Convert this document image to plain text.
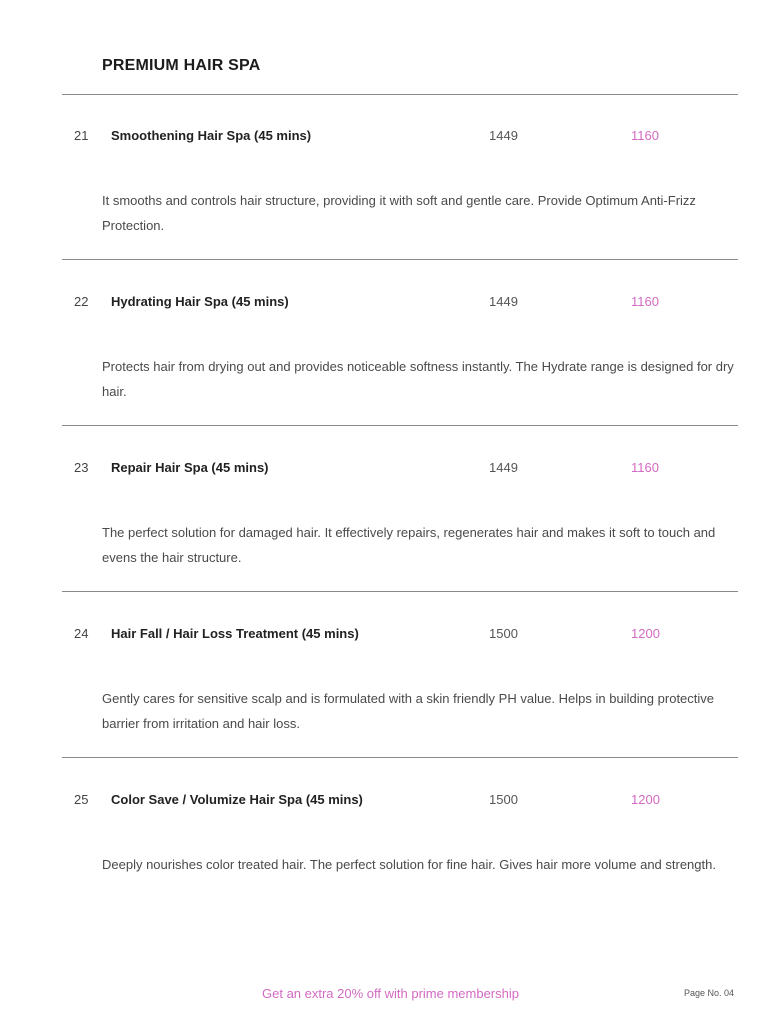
PREMIUM HAIR SPA
21 Smoothening Hair Spa (45 mins)	1449	1160
It smooths and controls hair structure, providing it with soft and gentle care. Provide Optimum Anti-Frizz Protection.
22 Hydrating Hair Spa (45 mins)	1449	1160
Protects hair from drying out and provides noticeable softness instantly. The Hydrate range is designed for dry hair.
23 Repair Hair Spa (45 mins)	1449	1160
The perfect solution for damaged hair. It effectively repairs, regenerates hair and makes it soft to touch and evens the hair structure.
24 Hair Fall / Hair Loss Treatment (45 mins)	1500	1200
Gently cares for sensitive scalp and is formulated with a skin friendly PH value. Helps in building protective barrier from irritation and hair loss.
25 Color Save / Volumize Hair Spa (45 mins)	1500	1200
Deeply nourishes color treated hair. The perfect solution for fine hair. Gives hair more volume and strength.
Get an extra 20% off with prime membership	Page No. 04
